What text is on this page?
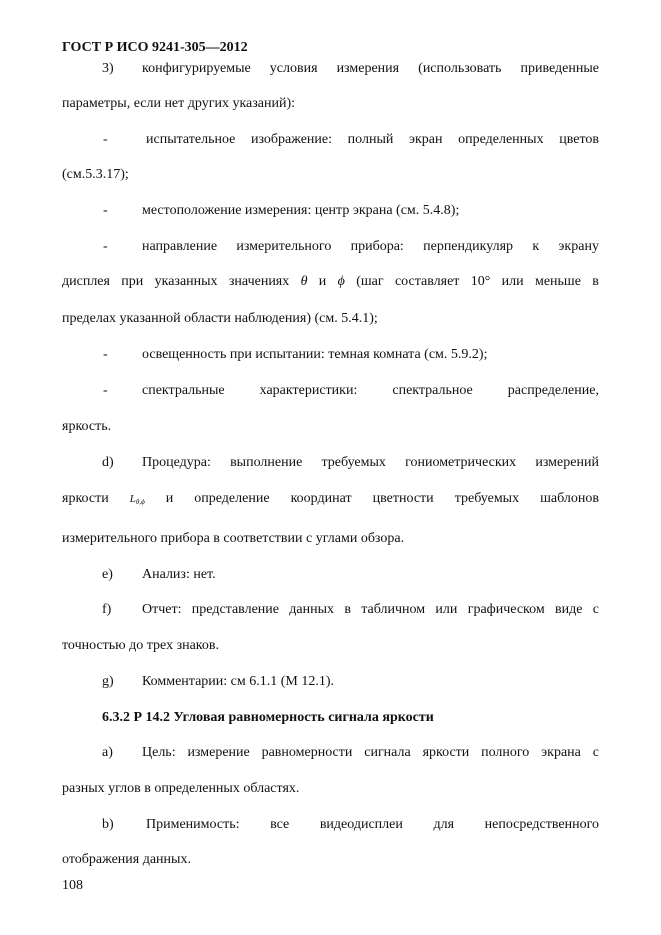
ГОСТ Р ИСО 9241-305—2012
3) конфигурируемые условия измерения (использовать приведенные
параметры, если нет других указаний):
-	испытательное изображение: полный экран определенных цветов
(см.5.3.17);
- местоположение измерения: центр экрана (см. 5.4.8);
- направление измерительного прибора: перпендикуляр к экрану
дисплея при указанных значениях θ и ϕ (шаг составляет 10° или меньше в
пределах указанной области наблюдения) (см. 5.4.1);
- освещенность при испытании: темная комната (см. 5.9.2);
- спектральные	характеристики:	спектральное	распределение,
яркость.
d) Процедура: выполнение требуемых гониометрических измерений
яркости $L_{\theta,\phi}$ и определение координат цветности требуемых шаблонов
измерительного прибора в соответствии с углами обзора.
e) Анализ: нет.
f) Отчет: представление данных в табличном или графическом виде с
точностью до трех знаков.
g) Комментарии: см 6.1.1 (М 12.1).
6.3.2 Р 14.2 Угловая равномерность сигнала яркости
a) Цель: измерение равномерности сигнала яркости полного экрана с
разных углов в определенных областях.
b) Применимость: все видеодисплеи для непосредственного
отображения данных.
108
